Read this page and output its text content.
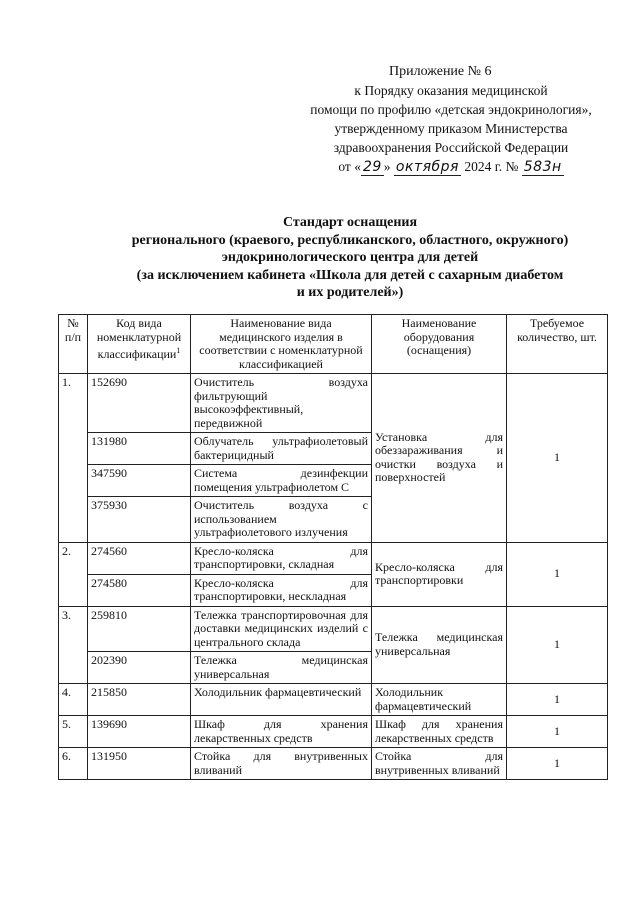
Приложение № 6
к Порядку оказания медицинской
помощи по профилю «детская эндокринология»,
утвержденному приказом Министерства
здравоохранения Российской Федерации
от « 29 » октября 2024 г. № 583н
Стандарт оснащения
регионального (краевого, республиканского, областного, окружного)
эндокринологического центра для детей
(за исключением кабинета «Школа для детей с сахарным диабетом
и их родителей»)
№ п/п	Код вида номенклатурной классификации$^1$	Наименование вида медицинского изделия в соответствии с номенклатурной классификацией	Наименование оборудования (оснащения)	Требуемое количество, шт.
1.	152690	Очиститель воздуха фильтрующий высокоэффективный, передвижной	Установка для обеззараживания и очистки воздуха и поверхностей	1
	131980	Облучатель ультрафиолетовый бактерицидный		
	347590	Система дезинфекции помещения ультрафиолетом С		
	375930	Очиститель воздуха с использованием ультрафиолетового излучения		
2.	274560	Кресло-коляска для транспортировки, складная	Кресло-коляска для транспортировки	1
	274580	Кресло-коляска для транспортировки, нескладная		
3.	259810	Тележка транспортировочная для доставки медицинских изделий с центрального склада	Тележка медицинская универсальная	1
	202390	Тележка медицинская универсальная		
4.	215850	Холодильник фармацевтический	Холодильник фармацевтический	1
5.	139690	Шкаф для хранения лекарственных средств	Шкаф для хранения лекарственных средств	1
6.	131950	Стойка для внутривенных вливаний	Стойка для внутривенных вливаний	1
